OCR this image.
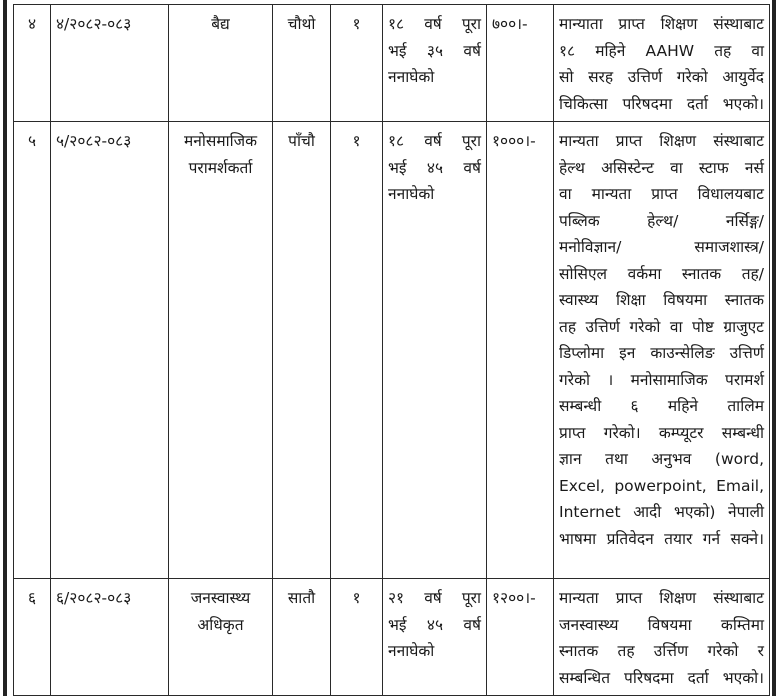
४	४/२०८२-०८३	बैद्य	चौथो	१	१८ वर्ष पूरा
भई ३५ वर्ष
ननाघेको	७००।-	मान्याता प्राप्त शिक्षण संस्थाबाट
१८ महिने AAHW तह वा
सो सरह उत्तिर्ण गरेको आयुर्वेद
चिकित्सा परिषदमा दर्ता भएको।

५	५/२०८२-०८३	मनोसमाजिक
परामर्शकर्ता
	पाँचौ	१	१८ वर्ष पूरा
भई ४५ वर्ष
ननाघेको
	१०००।-	मान्यता प्राप्त शिक्षण संस्थाबाट
हेल्थ असिस्टेन्ट वा स्टाफ नर्स
वा मान्यता प्राप्त विधालयबाट
पब्लिक हेल्थ/ नर्सिङ्ग/
मनोविज्ञान/ समाजशास्त्र/
सोसिएल वर्कमा स्नातक तह/
स्वास्थ्य शिक्षा विषयमा स्नातक
तह उत्तिर्ण गरेको वा पोष्ट ग्राजुएट
डिप्लोमा इन काउन्सेलिङ उत्तिर्ण
गरेको । मनोसामाजिक परामर्श
सम्बन्धी ६ महिने तालिम
प्राप्त गरेको। कम्प्यूटर सम्बन्धी
ज्ञान तथा अनुभव (word,
Excel, powerpoint, Email,
Internet आदी भएको) नेपाली
भाषमा प्रतिवेदन तयार गर्न सक्ने।

६	६/२०८२-०८३	जनस्वास्थ्य
अधिकृत
	सातौ	१	२१ वर्ष पूरा
भई ४५ वर्ष
ननाघेको
	१२००।-	मान्यता प्राप्त शिक्षण संस्थाबाट
जनस्वास्थ्य विषयमा कम्तिमा
स्नातक तह उर्त्तिण गरेको र
सम्बन्धित परिषदमा दर्ता भएको।
